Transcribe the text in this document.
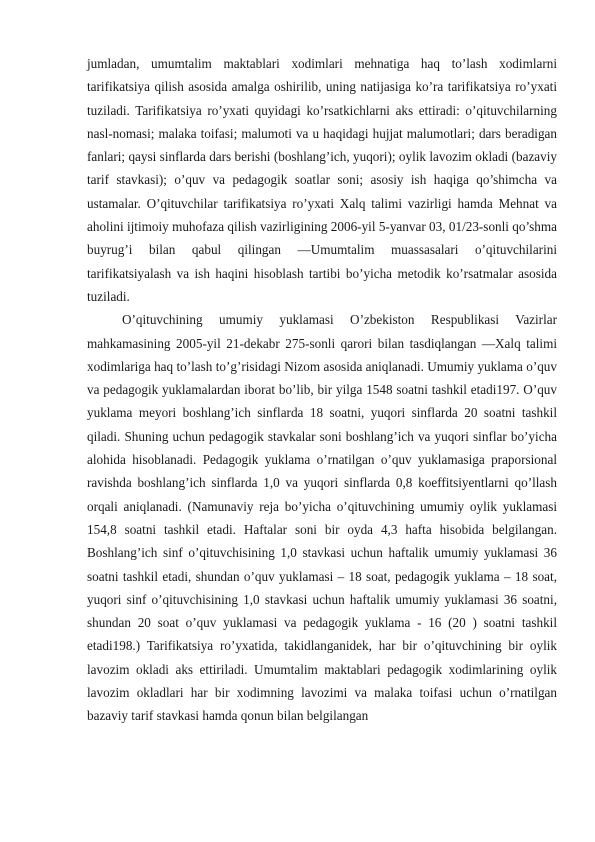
jumladan, umumtalim maktablari xodimlari mehnatiga haq to’lash xodimlarni tarifikatsiya qilish asosida amalga oshirilib, uning natijasiga ko’ra tarifikatsiya ro’yxati tuziladi. Tarifikatsiya ro’yxati quyidagi ko’rsatkichlarni aks ettiradi: o’qituvchilarning nasl-nomasi; malaka toifasi; malumoti va u haqidagi hujjat malumotlari; dars beradigan fanlari; qaysi sinflarda dars berishi (boshlang’ich, yuqori); oylik lavozim okladi (bazaviy tarif stavkasi); o’quv va pedagogik soatlar soni; asosiy ish haqiga qo’shimcha va ustamalar. O’qituvchilar tarifikatsiya ro’yxati Xalq talimi vazirligi hamda Mehnat va aholini ijtimoiy muhofaza qilish vazirligining 2006-yil 5-yanvar 03, 01/23-sonli qo’shma buyrug’i bilan qabul qilingan ―Umumtalim muassasalari o’qituvchilarini tarifikatsiyalash va ish haqini hisoblash tartibi bo’yicha metodik ko’rsatmalar asosida tuziladi.

O’qituvchining umumiy yuklamasi O’zbekiston Respublikasi Vazirlar mahkamasining 2005-yil 21-dekabr 275-sonli qarori bilan tasdiqlangan ―Xalq talimi xodimlariga haq to’lash to’g’risidagi Nizom asosida aniqlanadi. Umumiy yuklama o’quv va pedagogik yuklamalardan iborat bo’lib, bir yilga 1548 soatni tashkil etadi197. O’quv yuklama meyori boshlang’ich sinflarda 18 soatni, yuqori sinflarda 20 soatni tashkil qiladi. Shuning uchun pedagogik stavkalar soni boshlang’ich va yuqori sinflar bo’yicha alohida hisoblanadi. Pedagogik yuklama o’rnatilgan o’quv yuklamasiga praporsional ravishda boshlang’ich sinflarda 1,0 va yuqori sinflarda 0,8 koeffitsiyentlarni qo’llash orqali aniqlanadi. (Namunaviy reja bo’yicha o’qituvchining umumiy oylik yuklamasi 154,8 soatni tashkil etadi. Haftalar soni bir oyda 4,3 hafta hisobida belgilangan. Boshlang’ich sinf o’qituvchisining 1,0 stavkasi uchun haftalik umumiy yuklamasi 36 soatni tashkil etadi, shundan o’quv yuklamasi – 18 soat, pedagogik yuklama – 18 soat, yuqori sinf o’qituvchisining 1,0 stavkasi uchun haftalik umumiy yuklamasi 36 soatni, shundan 20 soat o’quv yuklamasi va pedagogik yuklama - 16 (20 ) soatni tashkil etadi198.) Tarifikatsiya ro’yxatida, takidlanganidek, har bir o’qituvchining bir oylik lavozim okladi aks ettiriladi. Umumtalim maktablari pedagogik xodimlarining oylik lavozim okladlari har bir xodimning lavozimi va malaka toifasi uchun o’rnatilgan bazaviy tarif stavkasi hamda qonun bilan belgilangan
